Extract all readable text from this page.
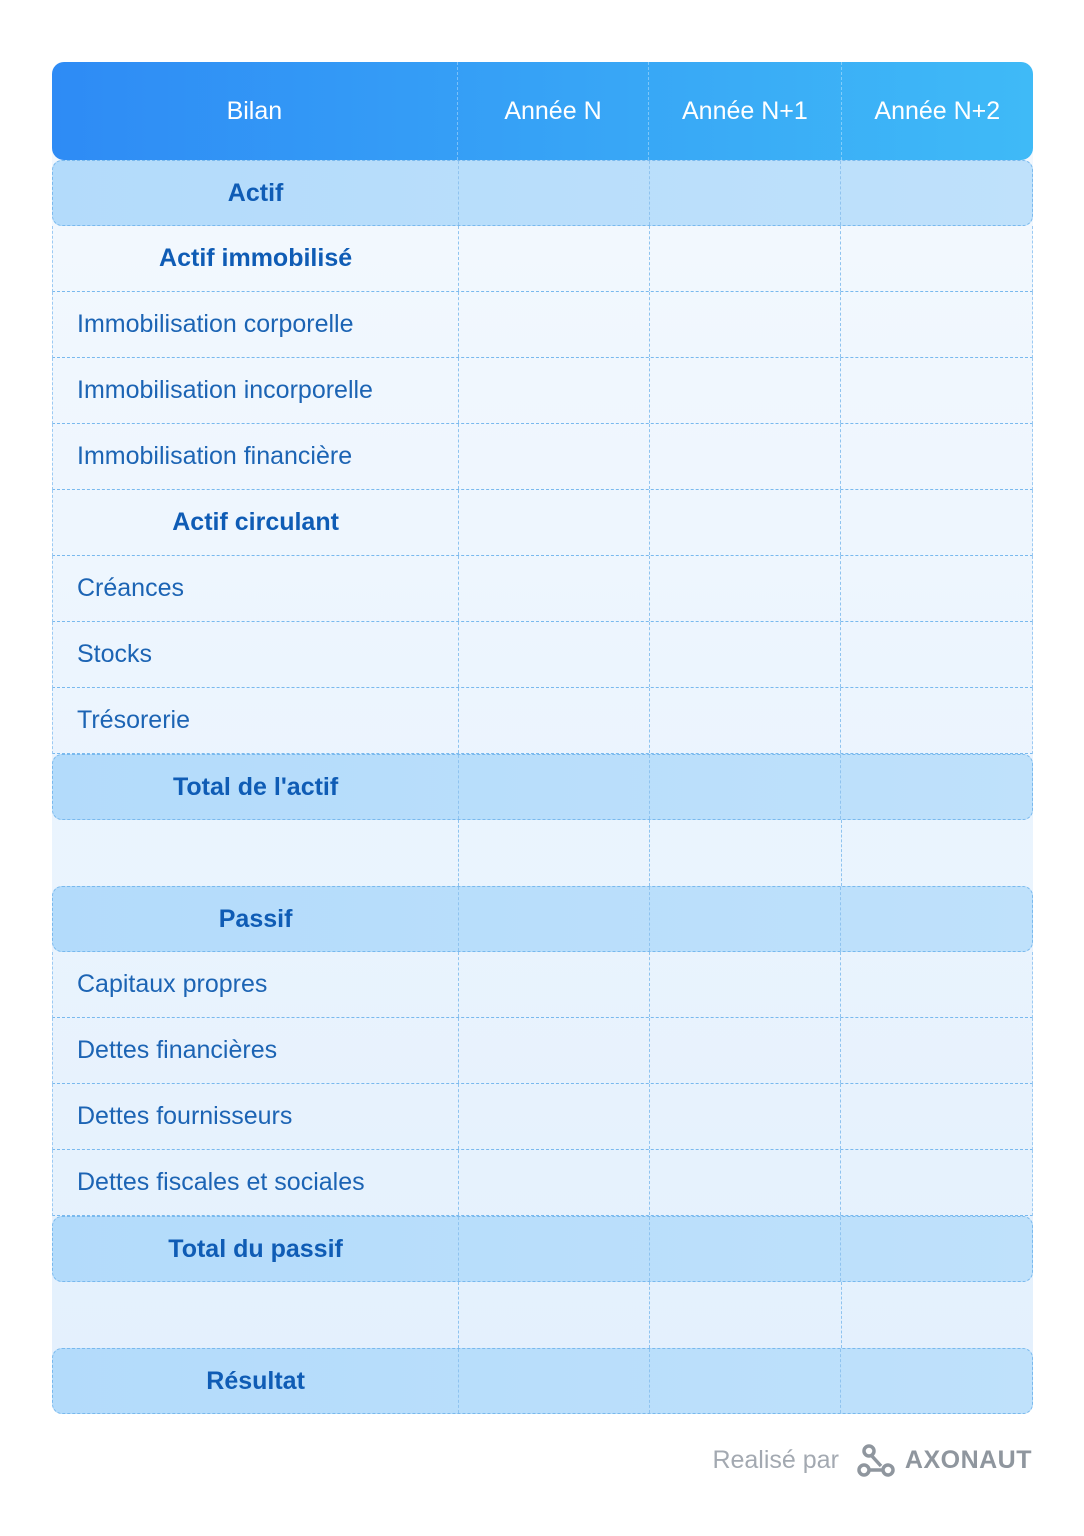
Bilan	Année N	Année N+1	Année N+2
Actif
Actif immobilisé
Immobilisation corporelle
Immobilisation incorporelle
Immobilisation financière
Actif circulant
Créances
Stocks
Trésorerie
Total de l'actif
Passif
Capitaux propres
Dettes financières
Dettes fournisseurs
Dettes fiscales et sociales
Total du passif
Résultat
Realisé par	AXONAUT
